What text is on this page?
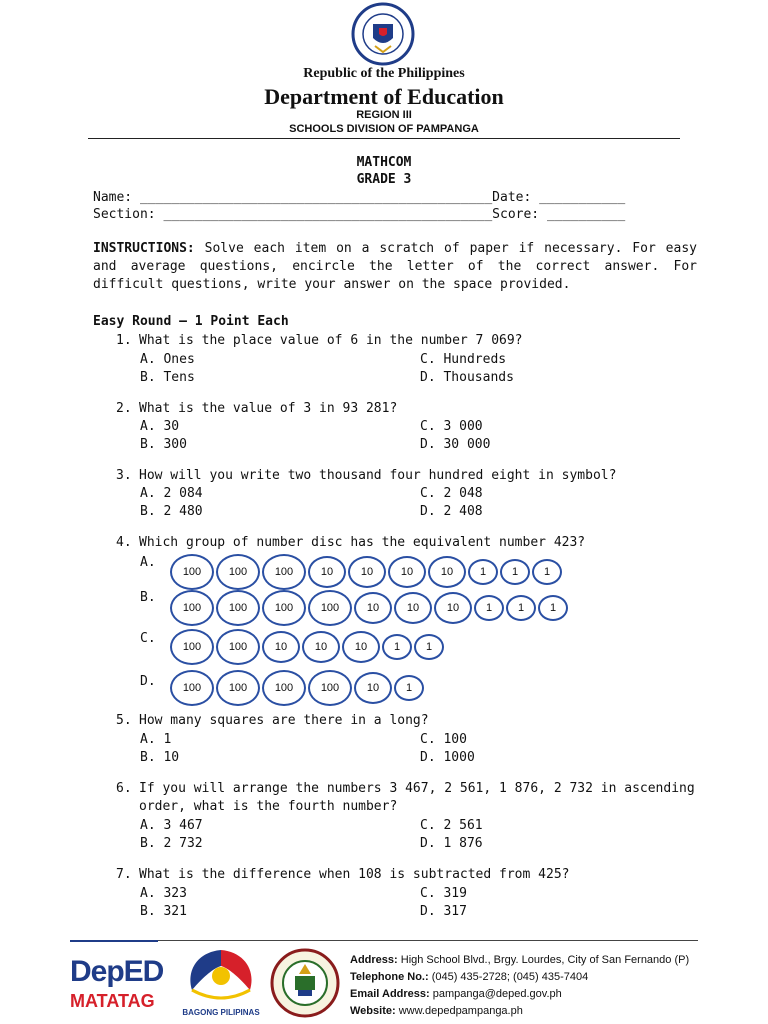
Republic of the Philippines
Department of Education
REGION III
SCHOOLS DIVISION OF PAMPANGA
MATHCOM
GRADE 3
Name: _____________________________________________Date: ___________
Section: __________________________________________Score: __________
INSTRUCTIONS: Solve each item on a scratch of paper if necessary. For easy and average questions, encircle the letter of the correct answer. For difficult questions, write your answer on the space provided.
Easy Round – 1 Point Each
1. What is the place value of 6 in the number 7 069?
A. Ones	C. Hundreds
B. Tens	D. Thousands
2. What is the value of 3 in 93 281?
A. 30	C. 3 000
B. 300	D. 30 000
3. How will you write two thousand four hundred eight in symbol?
A. 2 084	C. 2 048
B. 2 480	D. 2 408
4. Which group of number disc has the equivalent number 423?
A.
100	100	100	10	10	10	10	1	1	1
B.
100	100	100	100	10	10	10	1	1	1
C.
100	100	10	10	10	1	1
D.	100	100	100	100	10	1
5. How many squares are there in a long?
A. 1	C. 100
B. 10	D. 1000
6. If you will arrange the numbers 3 467, 2 561, 1 876, 2 732 in ascending
order, what is the fourth number?
A. 3 467	C. 2 561
B. 2 732	D. 1 876
7. What is the difference when 108 is subtracted from 425?
A. 323	C. 319
B. 321	D. 317
DepED
MATATAG
BAGONG PILIPINAS
Address: High School Blvd., Brgy. Lourdes, City of San Fernando (P)
Telephone No.: (045) 435-2728; (045) 435-7404
Email Address: pampanga@deped.gov.ph
Website: www.depedpampanga.ph
